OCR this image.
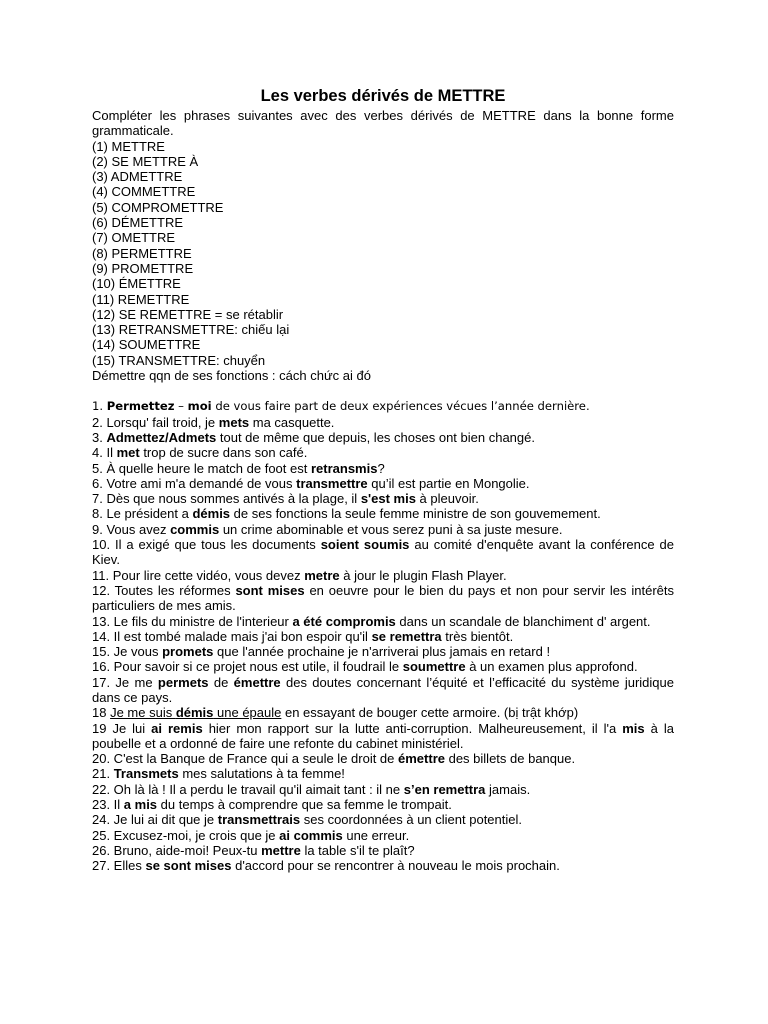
Les verbes dérivés de METTRE
Compléter les phrases suivantes avec des verbes dérivés de METTRE dans la bonne forme grammaticale.
(1) METTRE
(2) SE METTRE À
(3) ADMETTRE
(4) COMMETTRE
(5) COMPROMETTRE
(6) DÉMETTRE
(7) OMETTRE
(8) PERMETTRE
(9) PROMETTRE
(10) ÉMETTRE
(11) REMETTRE
(12) SE REMETTRE = se rétablir
(13) RETRANSMETTRE: chiếu lại
(14) SOUMETTRE
(15) TRANSMETTRE: chuyển
Démettre qqn de ses fonctions : cách chức ai đó
1. Permettez – moi de vous faire part de deux expériences vécues l’année dernière.
2. Lorsqu' fail troid, je mets ma casquette.
3. Admettez/Admets tout de même que depuis, les choses ont bien changé.
4. Il met trop de sucre dans son café.
5. À quelle heure le match de foot est retransmis?
6. Votre ami m'a demandé de vous transmettre qu’il est partie en Mongolie.
7. Dès que nous sommes antivés à la plage, il s'est mis à pleuvoir.
8. Le président a démis de ses fonctions la seule femme ministre de son gouvemement.
9. Vous avez commis un crime abominable et vous serez puni à sa juste mesure.
10. Il a exigé que tous les documents soient soumis au comité d'enquête avant la conférence de Kiev.
11. Pour lire cette vidéo, vous devez metre à jour le plugin Flash Player.
12. Toutes les réformes sont mises en oeuvre pour le bien du pays et non pour servir les intérêts particuliers de mes amis.
13. Le fils du ministre de l'interieur a été compromis dans un scandale de blanchiment d' argent.
14. Il est tombé malade mais j'ai bon espoir qu'il se remettra très bientôt.
15. Je vous promets que l'année prochaine je n'arriverai plus jamais en retard !
16. Pour savoir si ce projet nous est utile, il foudrail le soumettre à un examen plus approfond.
17. Je me permets de émettre des doutes concernant l’équité et l’efficacité du système juridique dans ce pays.
18 Je me suis démis une épaule en essayant de bouger cette armoire. (bị trật khớp)
19 Je lui ai remis hier mon rapport sur la lutte anti-corruption. Malheureusement, il l'a mis à la poubelle et a ordonné de faire une refonte du cabinet ministériel.
20. C'est la Banque de France qui a seule le droit de émettre des billets de banque.
21. Transmets mes salutations à ta femme!
22. Oh là là ! Il a perdu le travail qu'il aimait tant : il ne s’en remettra jamais.
23. Il a mis du temps à comprendre que sa femme le trompait.
24. Je lui ai dit que je transmettrais ses coordonnées à un client potentiel.
25. Excusez-moi, je crois que je ai commis une erreur.
26. Bruno, aide-moi! Peux-tu mettre la table s'il te plaît?
27. Elles se sont mises d'accord pour se rencontrer à nouveau le mois prochain.
